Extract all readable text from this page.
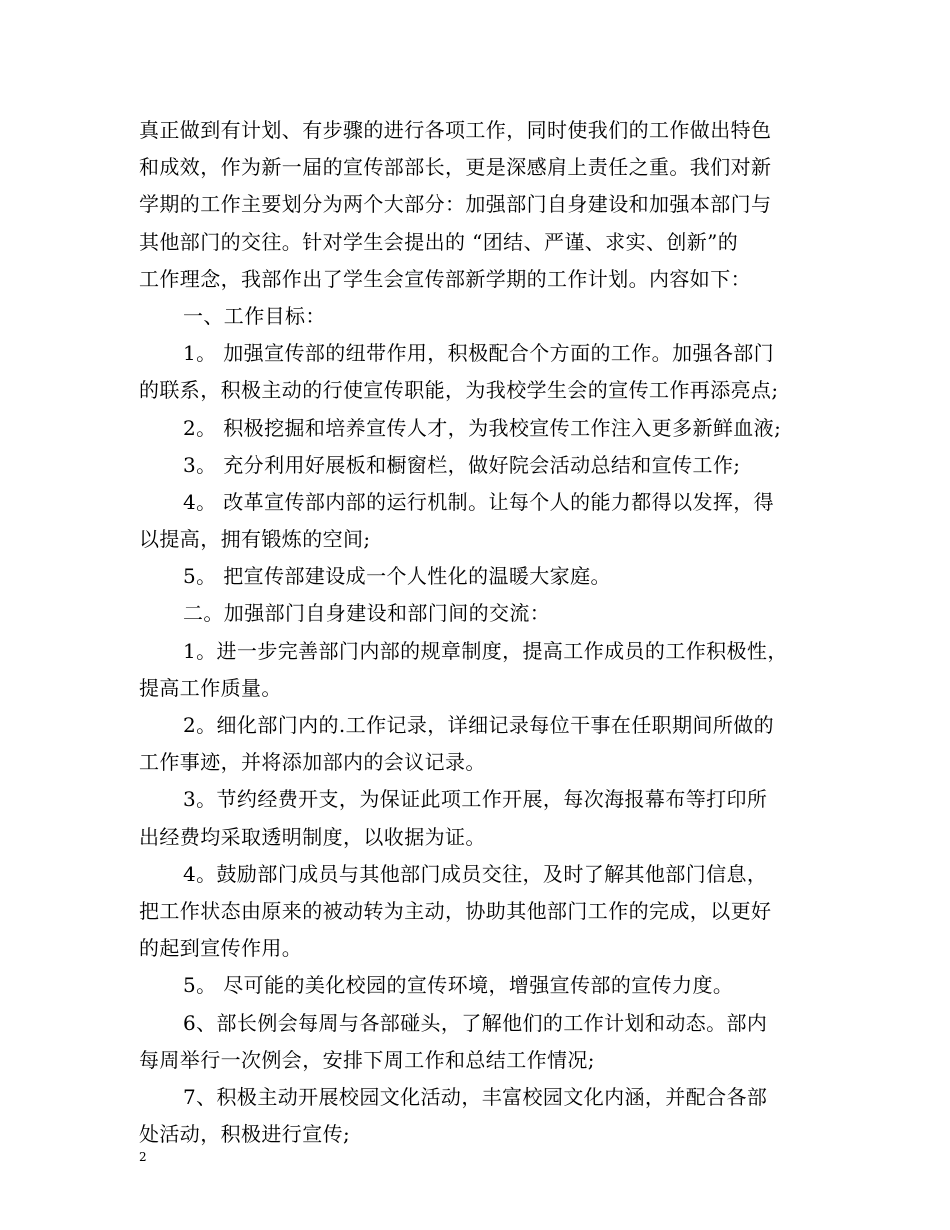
真正做到有计划、有步骤的进行各项工作，同时使我们的工作做出特色
和成效，作为新一届的宣传部部长，更是深感肩上责任之重。我们对新
学期的工作主要划分为两个大部分：加强部门自身建设和加强本部门与
其他部门的交往。针对学生会提出的 “团结、严谨、求实、创新”的
工作理念，我部作出了学生会宣传部新学期的工作计划。内容如下：

一、工作目标：

1。 加强宣传部的纽带作用，积极配合个方面的工作。加强各部门
的联系，积极主动的行使宣传职能，为我校学生会的宣传工作再添亮点;

2。 积极挖掘和培养宣传人才，为我校宣传工作注入更多新鲜血液;

3。 充分利用好展板和橱窗栏，做好院会活动总结和宣传工作;

4。 改革宣传部内部的运行机制。让每个人的能力都得以发挥，得
以提高，拥有锻炼的空间;

5。 把宣传部建设成一个人性化的温暖大家庭。

二。加强部门自身建设和部门间的交流：

1。进一步完善部门内部的规章制度，提高工作成员的工作积极性，
提高工作质量。

2。细化部门内的.工作记录，详细记录每位干事在任职期间所做的
工作事迹，并将添加部内的会议记录。

3。节约经费开支，为保证此项工作开展，每次海报幕布等打印所
出经费均采取透明制度，以收据为证。

4。鼓励部门成员与其他部门成员交往，及时了解其他部门信息，
把工作状态由原来的被动转为主动，协助其他部门工作的完成，以更好
的起到宣传作用。

5。 尽可能的美化校园的宣传环境，增强宣传部的宣传力度。

6、部长例会每周与各部碰头，了解他们的工作计划和动态。部内
每周举行一次例会，安排下周工作和总结工作情况;

7、积极主动开展校园文化活动，丰富校园文化内涵，并配合各部
处活动，积极进行宣传;

2
